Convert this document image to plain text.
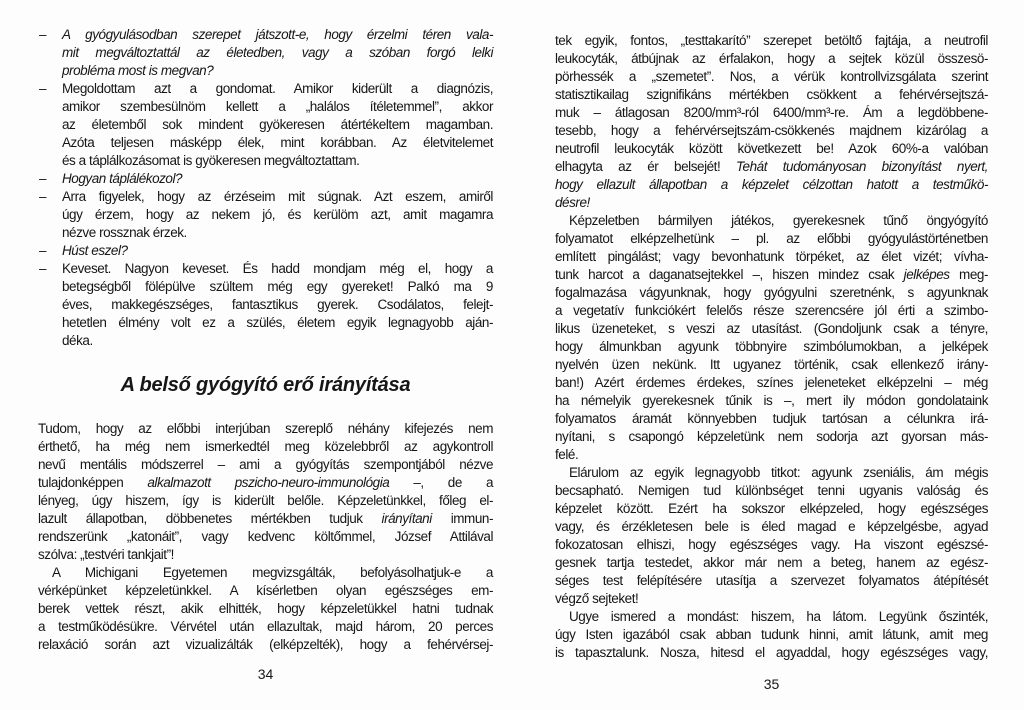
– A gyógyulásodban szerepet játszott-e, hogy érzelmi téren vala-
mit megváltoztattál az életedben, vagy a szóban forgó lelki
probléma most is megvan?
– Megoldottam azt a gondomat. Amikor kiderült a diagnózis,
amikor szembesülnöm kellett a „halálos ítéletemmel”, akkor
az életemből sok mindent gyökeresen átértékeltem magamban.
Azóta teljesen másképp élek, mint korábban. Az életvitelemet
és a táplálkozásomat is gyökeresen megváltoztattam.
– Hogyan táplálékozol?
– Arra figyelek, hogy az érzéseim mit súgnak. Azt eszem, amiről
úgy érzem, hogy az nekem jó, és kerülöm azt, amit magamra
nézve rossznak érzek.
– Húst eszel?
– Keveset. Nagyon keveset. És hadd mondjam még el, hogy a
betegségből fölépülve szültem még egy gyereket! Palkó ma 9
éves, makkegészséges, fantasztikus gyerek. Csodálatos, felejt-
hetetlen élmény volt ez a szülés, életem egyik legnagyobb aján-
déka.
A belső gyógyító erő irányítása
Tudom, hogy az előbbi interjúban szereplő néhány kifejezés nem
érthető, ha még nem ismerkedtél meg közelebbről az agykontroll
nevű mentális módszerrel – ami a gyógyítás szempontjából nézve
tulajdonképpen alkalmazott pszicho-neuro-immunológia –, de a
lényeg, úgy hiszem, így is kiderült belőle. Képzeletünkkel, főleg el-
lazult állapotban, döbbenetes mértékben tudjuk irányítani immun-
rendszerünk „katonáit”, vagy kedvenc költőmmel, József Attilával
szólva: „testvéri tankjait”!
A Michigani Egyetemen megvizsgálták, befolyásolhatjuk-e a
vérképünket képzeletünkkel. A kísérletben olyan egészséges em-
berek vettek részt, akik elhitték, hogy képzeletükkel hatni tudnak
a testműködésükre. Vérvétel után ellazultak, majd három, 20 perces
relaxáció során azt vizualizálták (elképzelték), hogy a fehérvérsej-
34
tek egyik, fontos, „testtakarító” szerepet betöltő fajtája, a neutrofil
leukocyták, átbújnak az érfalakon, hogy a sejtek közül összesö-
pörhessék a „szemetet”. Nos, a vérük kontrollvizsgálata szerint
statisztikailag szignifikáns mértékben csökkent a fehérvérsejtszá-
muk – átlagosan 8200/mm³-ról 6400/mm³-re. Ám a legdöbbene-
tesebb, hogy a fehérvérsejtszám-csökkenés majdnem kizárólag a
neutrofil leukocyták között következett be! Azok 60%-a valóban
elhagyta az ér belsejét! Tehát tudományosan bizonyítást nyert,
hogy ellazult állapotban a képzelet célzottan hatott a testműkö-
désre!
Képzeletben bármilyen játékos, gyerekesnek tűnő öngyógyító
folyamatot elképzelhetünk – pl. az előbbi gyógyulástörténetben
említett pingálást; vagy bevonhatunk törpéket, az élet vizét; vívha-
tunk harcot a daganatsejtekkel –, hiszen mindez csak jelképes meg-
fogalmazása vágyunknak, hogy gyógyulni szeretnénk, s agyunknak
a vegetatív funkciókért felelős része szerencsére jól érti a szimbo-
likus üzeneteket, s veszi az utasítást. (Gondoljunk csak a tényre,
hogy álmunkban agyunk többnyire szimbólumokban, a jelképek
nyelvén üzen nekünk. Itt ugyanez történik, csak ellenkező irány-
ban!) Azért érdemes érdekes, színes jeleneteket elképzelni – még
ha némelyik gyerekesnek tűnik is –, mert ily módon gondolataink
folyamatos áramát könnyebben tudjuk tartósan a célunkra irá-
nyítani, s csapongó képzeletünk nem sodorja azt gyorsan más-
felé.
Elárulom az egyik legnagyobb titkot: agyunk zseniális, ám mégis
becsapható. Nemigen tud különbséget tenni ugyanis valóság és
képzelet között. Ezért ha sokszor elképzeled, hogy egészséges
vagy, és érzékletesen bele is éled magad e képzelgésbe, agyad
fokozatosan elhiszi, hogy egészséges vagy. Ha viszont egészsé-
gesnek tartja testedet, akkor már nem a beteg, hanem az egész-
séges test felépítésére utasítja a szervezet folyamatos átépítését
végző sejteket!
Ugye ismered a mondást: hiszem, ha látom. Legyünk őszinték,
úgy Isten igazából csak abban tudunk hinni, amit látunk, amit meg
is tapasztalunk. Nosza, hitesd el agyaddal, hogy egészséges vagy,
35
